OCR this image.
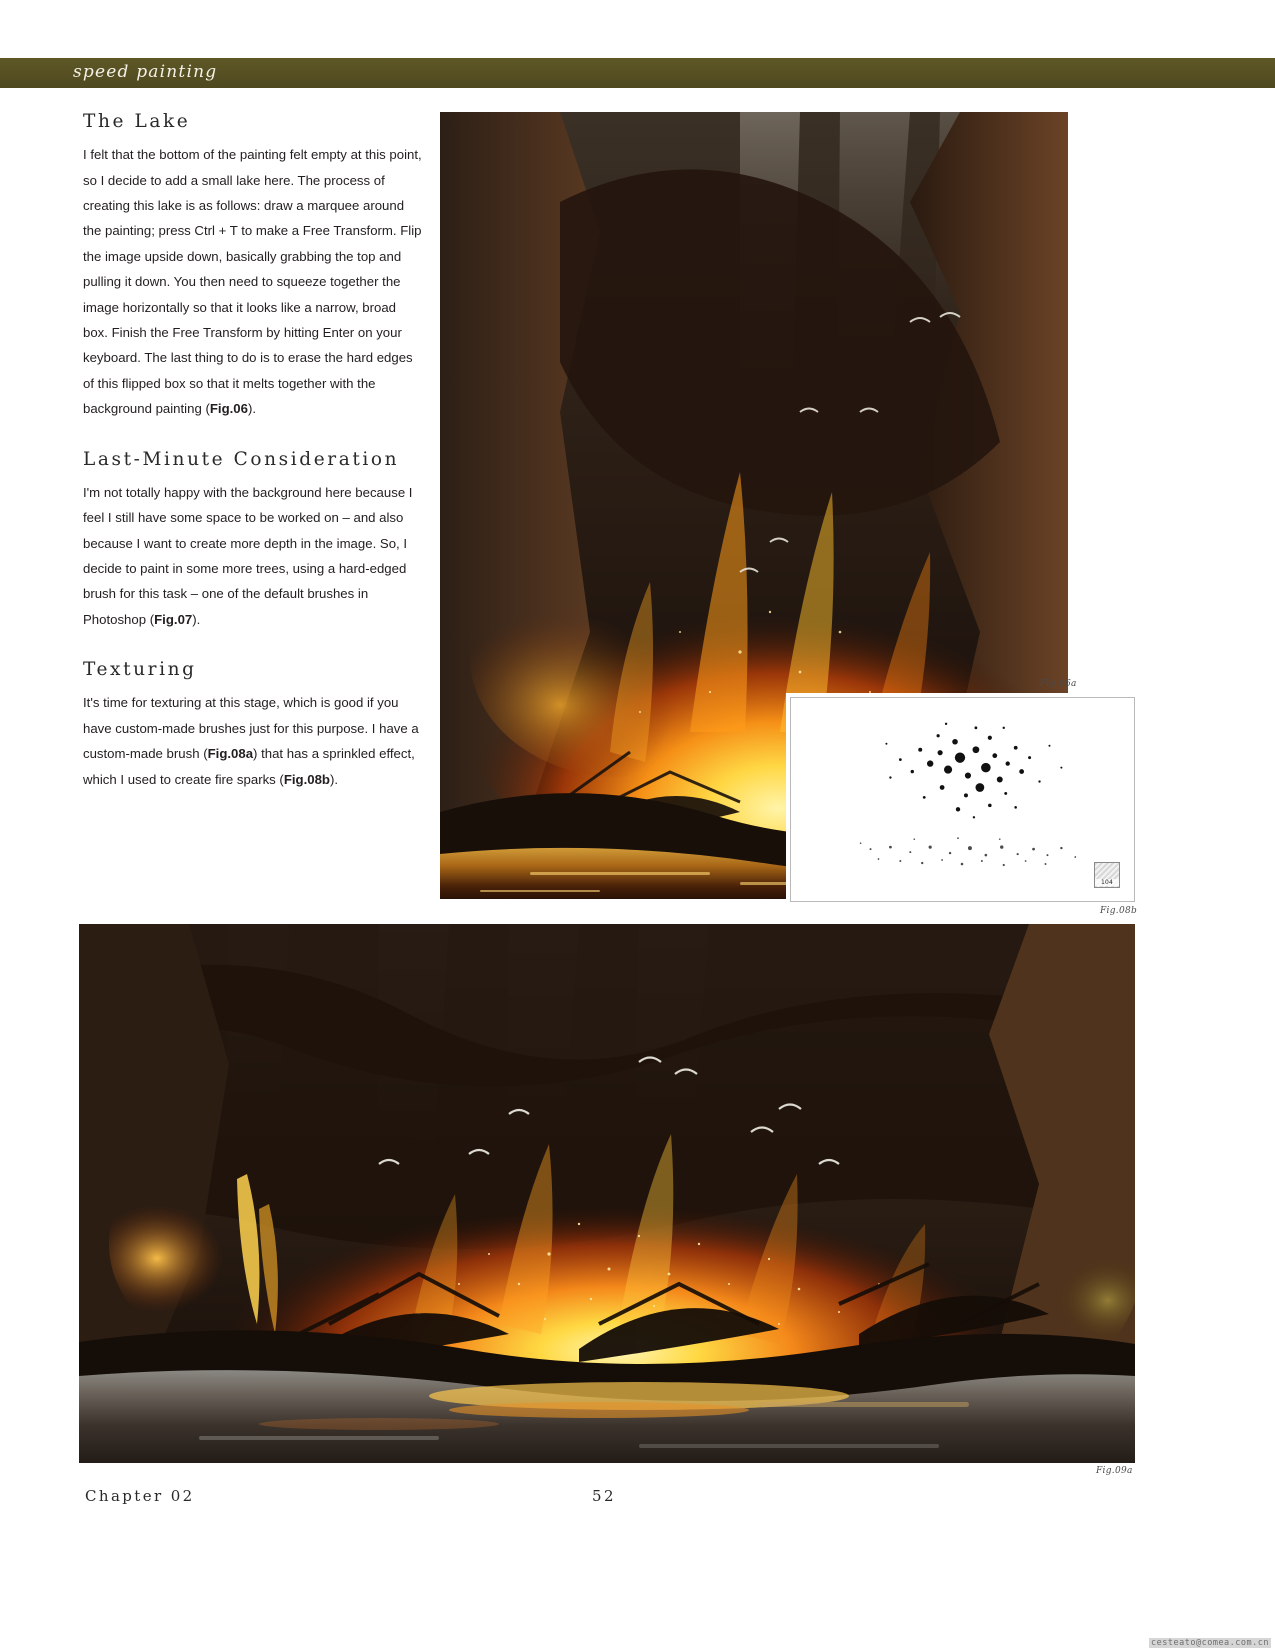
speed painting
The Lake

I felt that the bottom of the painting felt empty at this point, so I decide to add a small lake here. The process of creating this lake is as follows: draw a marquee around the painting; press Ctrl + T to make a Free Transform. Flip the image upside down, basically grabbing the top and pulling it down. You then need to squeeze together the image horizontally so that it looks like a narrow, broad box. Finish the Free Transform by hitting Enter on your keyboard. The last thing to do is to erase the hard edges of this flipped box so that it melts together with the background painting (Fig.06).

Last-Minute Consideration

I'm not totally happy with the background here because I feel I still have some space to be worked on – and also because I want to create more depth in the image. So, I decide to paint in some more trees, using a hard-edged brush for this task – one of the default brushes in Photoshop (Fig.07).

Texturing

It's time for texturing at this stage, which is good if you have custom-made brushes just for this purpose. I have a custom-made brush (Fig.08a) that has a sprinkled effect, which I used to create fire sparks (Fig.08b).

Fig.06a
104
Fig.08b
Fig.09a
Chapter 02	52
cesteato@comea.com.cn
